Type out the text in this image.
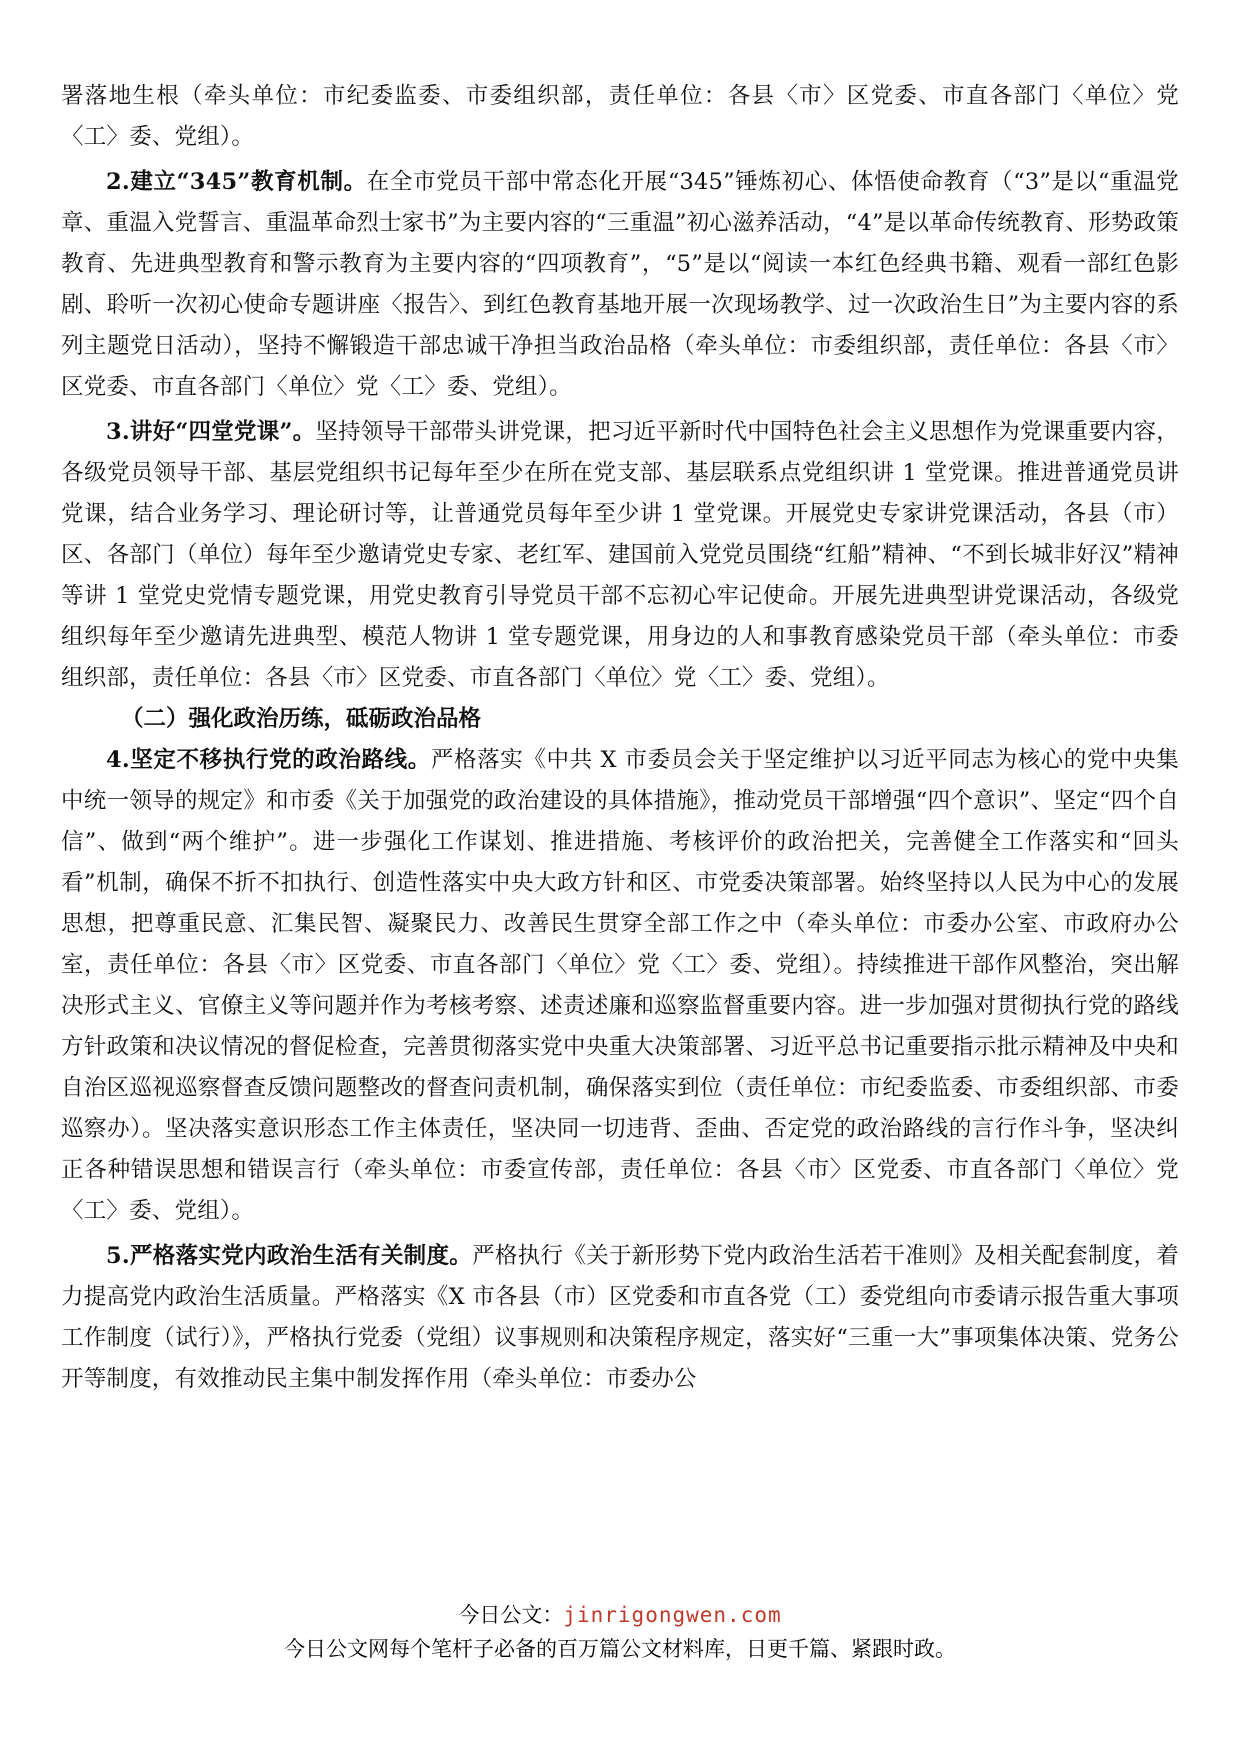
署落地生根（牵头单位：市纪委监委、市委组织部，责任单位：各县〈市〉区党委、市直各部门〈单位〉党〈工〉委、党组）。

2.建立“345”教育机制。在全市党员干部中常态化开展“345”锤炼初心、体悟使命教育（“3”是以“重温党章、重温入党誓言、重温革命烈士家书”为主要内容的“三重温”初心滋养活动，“4”是以革命传统教育、形势政策教育、先进典型教育和警示教育为主要内容的“四项教育”，“5”是以“阅读一本红色经典书籍、观看一部红色影剧、聆听一次初心使命专题讲座〈报告〉、到红色教育基地开展一次现场教学、过一次政治生日”为主要内容的系列主题党日活动），坚持不懈锻造干部忠诚干净担当政治品格（牵头单位：市委组织部，责任单位：各县〈市〉区党委、市直各部门〈单位〉党〈工〉委、党组）。

3.讲好“四堂党课”。坚持领导干部带头讲党课，把习近平新时代中国特色社会主义思想作为党课重要内容，各级党员领导干部、基层党组织书记每年至少在所在党支部、基层联系点党组织讲 1 堂党课。推进普通党员讲党课，结合业务学习、理论研讨等，让普通党员每年至少讲 1 堂党课。开展党史专家讲党课活动，各县（市）区、各部门（单位）每年至少邀请党史专家、老红军、建国前入党党员围绕“红船”精神、“不到长城非好汉”精神等讲 1 堂党史党情专题党课，用党史教育引导党员干部不忘初心牢记使命。开展先进典型讲党课活动，各级党组织每年至少邀请先进典型、模范人物讲 1 堂专题党课，用身边的人和事教育感染党员干部（牵头单位：市委组织部，责任单位：各县〈市〉区党委、市直各部门〈单位〉党〈工〉委、党组）。

（二）强化政治历练，砥砺政治品格

4.坚定不移执行党的政治路线。严格落实《中共 X 市委员会关于坚定维护以习近平同志为核心的党中央集中统一领导的规定》和市委《关于加强党的政治建设的具体措施》，推动党员干部增强“四个意识”、坚定“四个自信”、做到“两个维护”。进一步强化工作谋划、推进措施、考核评价的政治把关，完善健全工作落实和“回头看”机制，确保不折不扣执行、创造性落实中央大政方针和区、市党委决策部署。始终坚持以人民为中心的发展思想，把尊重民意、汇集民智、凝聚民力、改善民生贯穿全部工作之中（牵头单位：市委办公室、市政府办公室，责任单位：各县〈市〉区党委、市直各部门〈单位〉党〈工〉委、党组）。持续推进干部作风整治，突出解决形式主义、官僚主义等问题并作为考核考察、述责述廉和巡察监督重要内容。进一步加强对贯彻执行党的路线方针政策和决议情况的督促检查，完善贯彻落实党中央重大决策部署、习近平总书记重要指示批示精神及中央和自治区巡视巡察督查反馈问题整改的督查问责机制，确保落实到位（责任单位：市纪委监委、市委组织部、市委巡察办）。坚决落实意识形态工作主体责任，坚决同一切违背、歪曲、否定党的政治路线的言行作斗争，坚决纠正各种错误思想和错误言行（牵头单位：市委宣传部，责任单位：各县〈市〉区党委、市直各部门〈单位〉党〈工〉委、党组）。

5.严格落实党内政治生活有关制度。严格执行《关于新形势下党内政治生活若干准则》及相关配套制度，着力提高党内政治生活质量。严格落实《X 市各县（市）区党委和市直各党（工）委党组向市委请示报告重大事项工作制度（试行）》，严格执行党委（党组）议事规则和决策程序规定，落实好“三重一大”事项集体决策、党务公开等制度，有效推动民主集中制发挥作用（牵头单位：市委办公

今日公文：jinrigongwen.com
今日公文网每个笔杆子必备的百万篇公文材料库，日更千篇、紧跟时政。
